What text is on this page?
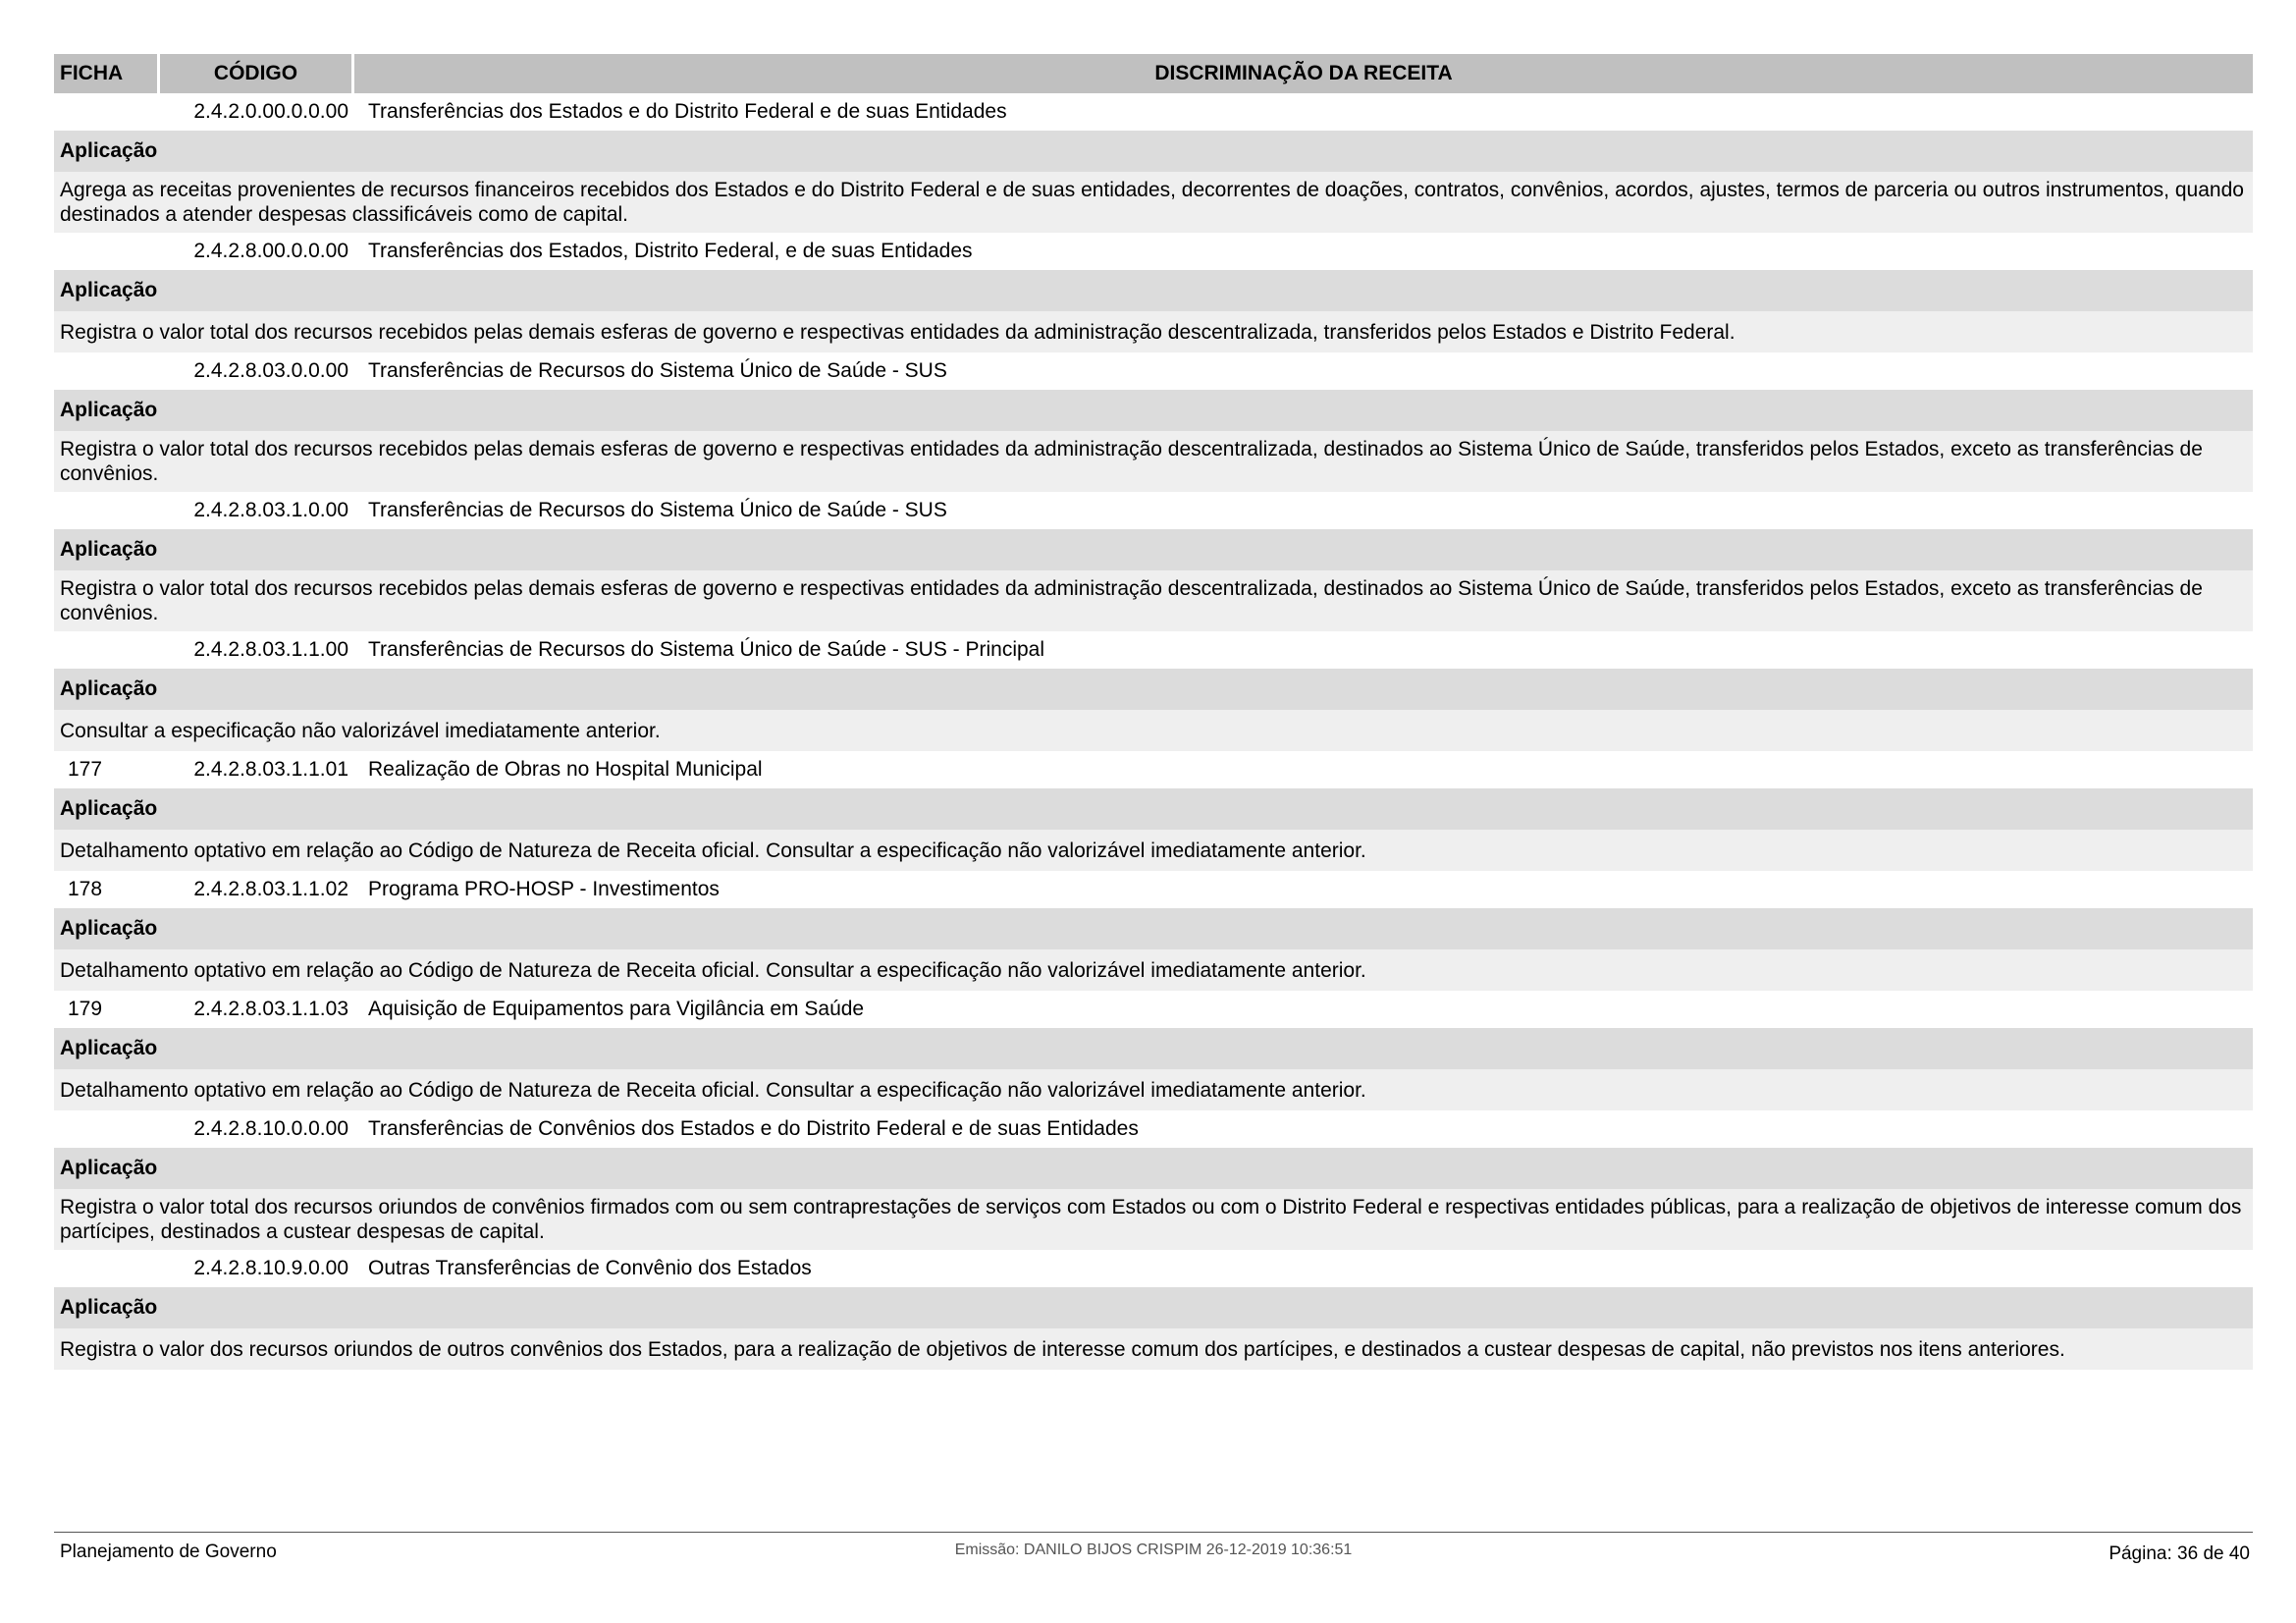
FICHA	CÓDIGO	DISCRIMINAÇÃO DA RECEITA
2.4.2.0.00.0.0.00 Transferências dos Estados e do Distrito Federal e de suas Entidades
Aplicação
Agrega as receitas provenientes de recursos financeiros recebidos dos Estados e do Distrito Federal e de suas entidades, decorrentes de doações, contratos, convênios, acordos, ajustes, termos de parceria ou outros instrumentos, quando destinados a atender despesas classificáveis como de capital.
2.4.2.8.00.0.0.00 Transferências dos Estados, Distrito Federal, e de suas Entidades
Aplicação
Registra o valor total dos recursos recebidos pelas demais esferas de governo e respectivas entidades da administração descentralizada, transferidos pelos Estados e Distrito Federal.
2.4.2.8.03.0.0.00 Transferências de Recursos do Sistema Único de Saúde - SUS
Aplicação
Registra o valor total dos recursos recebidos pelas demais esferas de governo e respectivas entidades da administração descentralizada, destinados ao Sistema Único de Saúde, transferidos pelos Estados, exceto as transferências de convênios.
2.4.2.8.03.1.0.00 Transferências de Recursos do Sistema Único de Saúde - SUS
Aplicação
Registra o valor total dos recursos recebidos pelas demais esferas de governo e respectivas entidades da administração descentralizada, destinados ao Sistema Único de Saúde, transferidos pelos Estados, exceto as transferências de convênios.
2.4.2.8.03.1.1.00 Transferências de Recursos do Sistema Único de Saúde - SUS - Principal
Aplicação
Consultar a especificação não valorizável imediatamente anterior.
177	2.4.2.8.03.1.1.01 Realização de Obras no Hospital Municipal
Aplicação
Detalhamento optativo em relação ao Código de Natureza de Receita oficial. Consultar a especificação não valorizável imediatamente anterior.
178	2.4.2.8.03.1.1.02 Programa PRO-HOSP - Investimentos
Aplicação
Detalhamento optativo em relação ao Código de Natureza de Receita oficial. Consultar a especificação não valorizável imediatamente anterior.
179	2.4.2.8.03.1.1.03 Aquisição de Equipamentos para Vigilância em Saúde
Aplicação
Detalhamento optativo em relação ao Código de Natureza de Receita oficial. Consultar a especificação não valorizável imediatamente anterior.
2.4.2.8.10.0.0.00 Transferências de Convênios dos Estados e do Distrito Federal e de suas Entidades
Aplicação
Registra o valor total dos recursos oriundos de convênios firmados com ou sem contraprestações de serviços com Estados ou com o Distrito Federal e respectivas entidades públicas, para a realização de objetivos de interesse comum dos partícipes, destinados a custear despesas de capital.
2.4.2.8.10.9.0.00 Outras Transferências de Convênio dos Estados
Aplicação
Registra o valor dos recursos oriundos de outros convênios dos Estados, para a realização de objetivos de interesse comum dos partícipes, e destinados a custear despesas de capital, não previstos nos itens anteriores.
Planejamento de Governo	Emissão: DANILO BIJOS CRISPIM 26-12-2019 10:36:51	Página: 36 de 40
